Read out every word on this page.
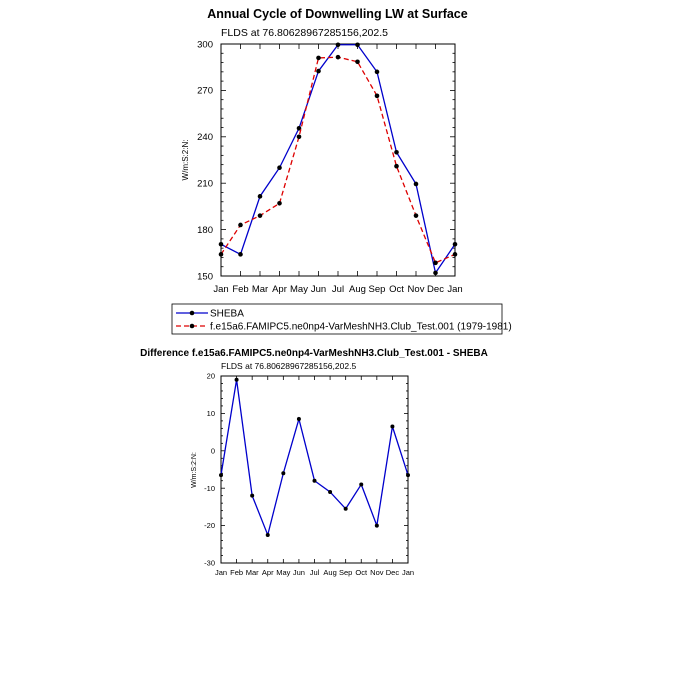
Annual Cycle of Downwelling LW at Surface
FLDS at 76.80628967285156,202.5
150
180
210
240
270
300
Jan Feb Mar Apr May Jun Jul Aug Sep Oct Nov Dec Jan
W/m:S:2:N:
SHEBA
f.e15a6.FAMIPC5.ne0np4-VarMeshNH3.Club_Test.001 (1979-1981)
Difference f.e15a6.FAMIPC5.ne0np4-VarMeshNH3.Club_Test.001 - SHEBA
FLDS at 76.80628967285156,202.5
-30
-20
-10
0
10
20
Jan Feb Mar Apr May Jun Jul Aug Sep Oct Nov Dec Jan
W/m:S:2:N:
